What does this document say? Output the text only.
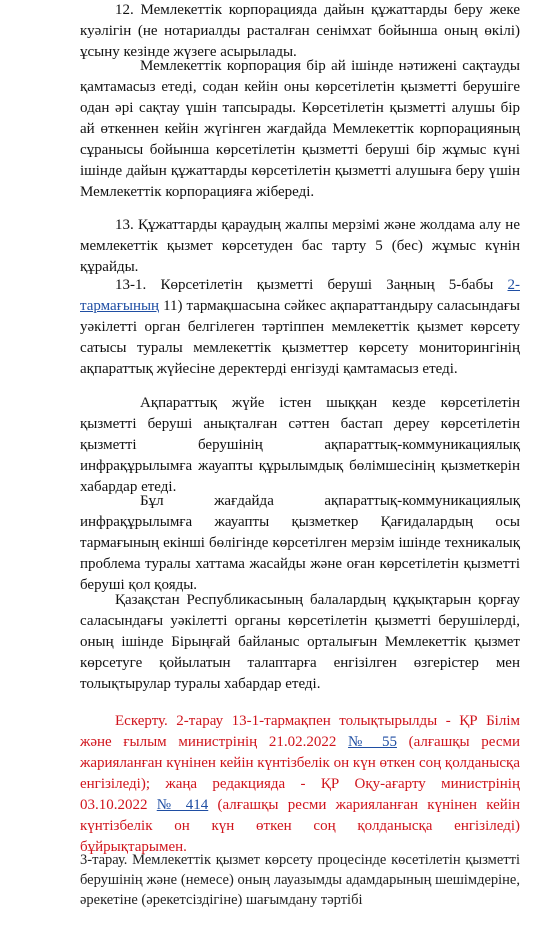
12. Мемлекеттік корпорацияда дайын құжаттарды беру жеке куәлігін (не нотариалды расталған сенімхат бойынша оның өкілі) ұсыну кезінде жүзеге асырылады.

Мемлекеттік корпорация бір ай ішінде нәтижені сақтауды қамтамасыз етеді, содан кейін оны көрсетілетін қызметті берушіге одан әрі сақтау үшін тапсырады. Көрсетілетін қызметті алушы бір ай өткеннен кейін жүгінген жағдайда Мемлекеттік корпорацияның сұранысы бойынша көрсетілетін қызметті беруші бір жұмыс күні ішінде дайын құжаттарды көрсетілетін қызметті алушыға беру үшін Мемлекеттік корпорацияға жібереді.

13. Құжаттарды қараудың жалпы мерзімі және жолдама алу не мемлекеттік қызмет көрсетуден бас тарту 5 (бес) жұмыс күнін құрайды.

13-1. Көрсетілетін қызметті беруші Заңның 5-бабы 2-тармағының 11) тармақшасына сәйкес ақпараттандыру саласындағы уәкілетті орган белгілеген тәртіппен мемлекеттік қызмет көрсету сатысы туралы мемлекеттік қызметтер көрсету мониторингінің ақпараттық жүйесіне деректерді енгізуді қамтамасыз етеді.

Ақпараттық жүйе істен шыққан кезде көрсетілетін қызметті беруші анықталған сәттен бастап дереу көрсетілетін қызметті берушінің ақпараттық-коммуникациялық инфрақұрылымға жауапты құрылымдық бөлімшесінің қызметкерін хабардар етеді.

Бұл жағдайда ақпараттық-коммуникациялық инфрақұрылымға жауапты қызметкер Қағидалардың осы тармағының екінші бөлігінде көрсетілген мерзім ішінде техникалық проблема туралы хаттама жасайды және оған көрсетілетін қызметті беруші қол қояды.

Қазақстан Республикасының балалардың құқықтарын қорғау саласындағы уәкілетті органы көрсетілетін қызметті берушілерді, оның ішінде Бірыңғай байланыс орталығын Мемлекеттік қызмет көрсетуге қойылатын талаптарға енгізілген өзгерістер мен толықтырулар туралы хабардар етеді.

Ескерту. 2-тарау 13-1-тармақпен толықтырылды - ҚР Білім және ғылым министрінің 21.02.2022 № 55 (алғашқы ресми жарияланған күнінен кейін күнтізбелік он күн өткен соң қолданысқа енгізіледі); жаңа редакцияда - ҚР Оқу-ағарту министрінің 03.10.2022 № 414 (алғашқы ресми жарияланған күнінен кейін күнтізбелік он күн өткен соң қолданысқа енгізіледі) бұйрықтарымен.

3-тарау. Мемлекеттік қызмет көрсету процесінде көсетілетін қызметті берушінің және (немесе) оның лауазымды адамдарының шешімдеріне, әрекетіне (әрекетсіздігіне) шағымдану тәртібі
